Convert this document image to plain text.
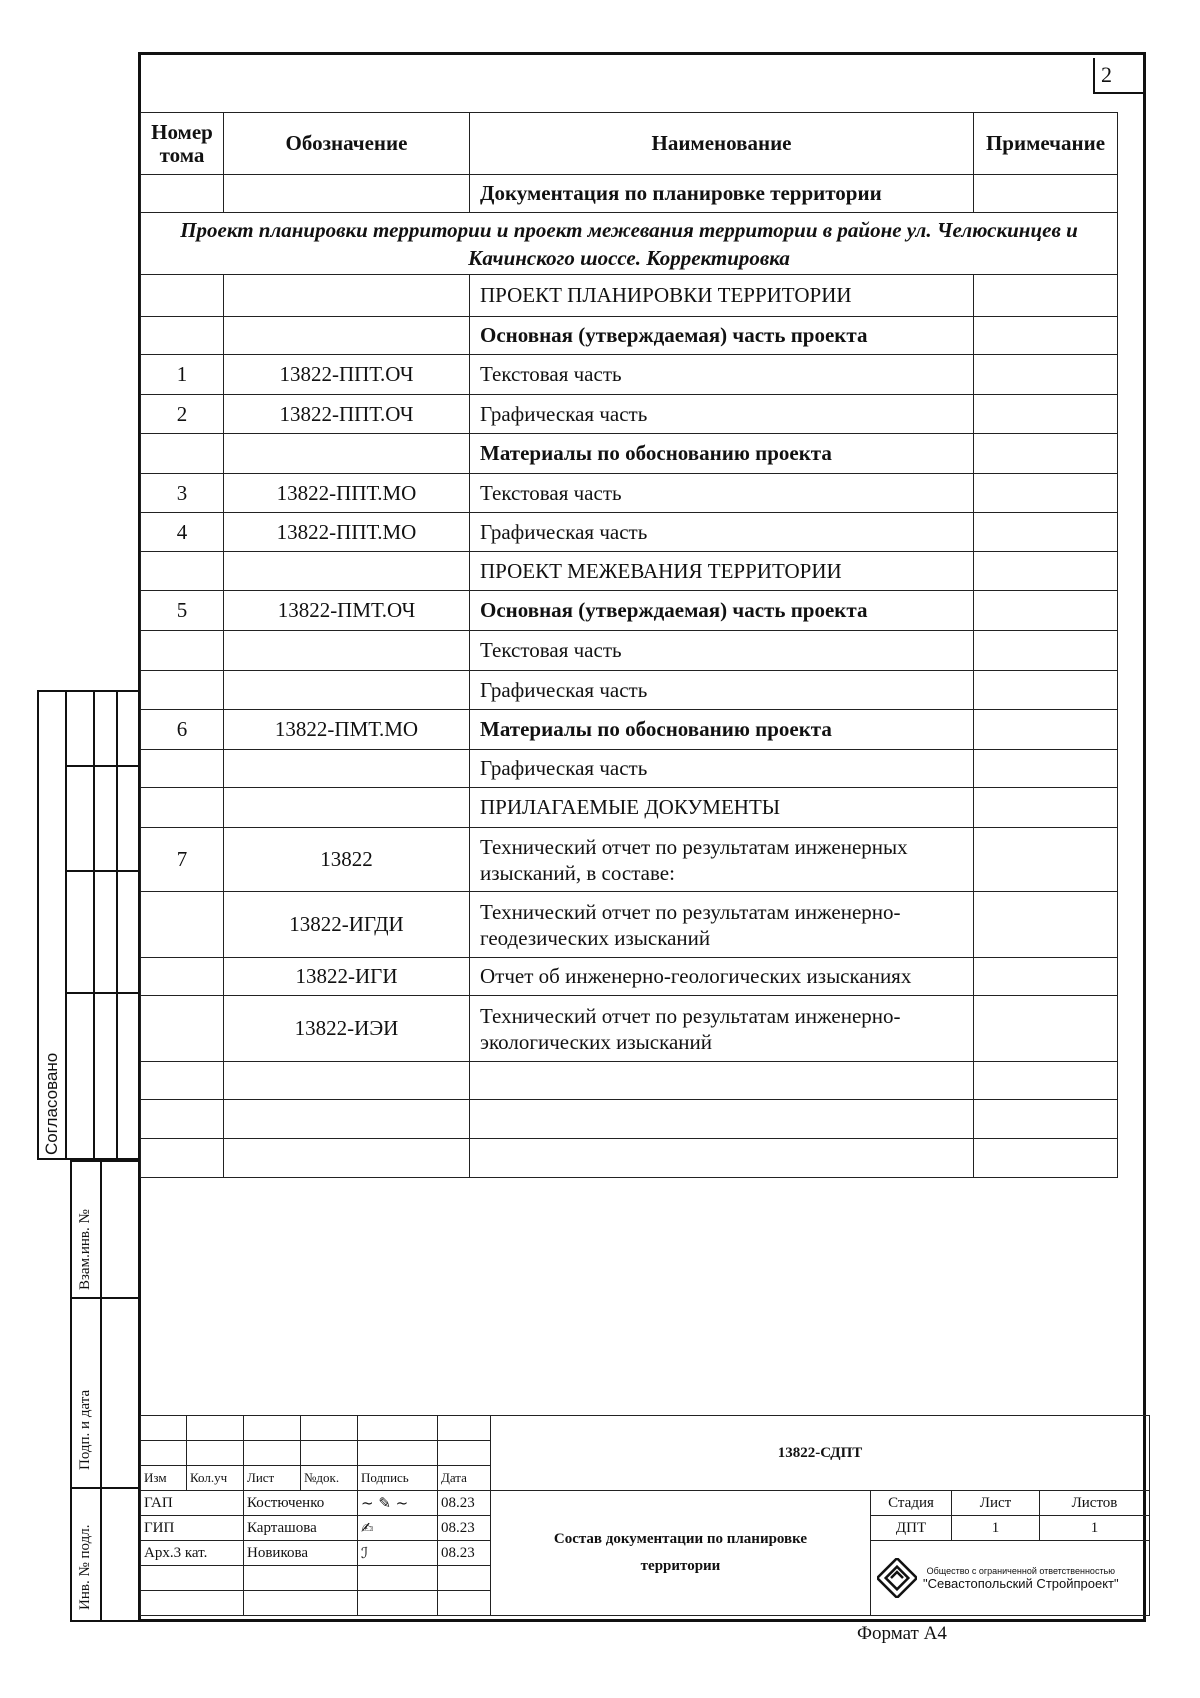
2
Номер тома	Обозначение	Наименование	Примечание
		Документация по планировке территории	
Проект планировки территории и проект межевания территории в районе ул. Челюскинцев и Качинского шоссе. Корректировка			
		ПРОЕКТ ПЛАНИРОВКИ ТЕРРИТОРИИ	
		Основная (утверждаемая) часть проекта	
1	13822-ППТ.ОЧ	Текстовая часть	
2	13822-ППТ.ОЧ	Графическая часть	
		Материалы по обоснованию проекта	
3	13822-ППТ.МО	Текстовая часть	
4	13822-ППТ.МО	Графическая часть	
		ПРОЕКТ МЕЖЕВАНИЯ ТЕРРИТОРИИ	
5	13822-ПМТ.ОЧ	Основная (утверждаемая) часть проекта	
		Текстовая часть	
		Графическая часть	
6	13822-ПМТ.МО	Материалы по обоснованию проекта	
		Графическая часть	
		ПРИЛАГАЕМЫЕ ДОКУМЕНТЫ	
7	13822	Технический отчет по результатам инженерных изысканий, в составе:	
	13822-ИГДИ	Технический отчет по результатам инженерно-геодезических изысканий	
	13822-ИГИ	Отчет об инженерно-геологических изысканиях	
	13822-ИЭИ	Технический отчет по результатам инженерно-экологических изысканий	

Согласовано
Взам.инв. №
Подп. и дата
Инв. № подл.
						13822-СДПТ			

Изм	Кол.уч	Лист	№док.	Подпись	Дата				
ГАП		Костюченко		~ ✎ ~	08.23	Состав документации по планировке территории	Стадия	Лист	Листов
ГИП		Карташова		✍	08.23		ДПТ	1	1
Арх.3 кат.		Новикова		ℐ	08.23		Общество с ограниченной ответственностью
"Севастопольский Стройпроект"		

Формат А4
